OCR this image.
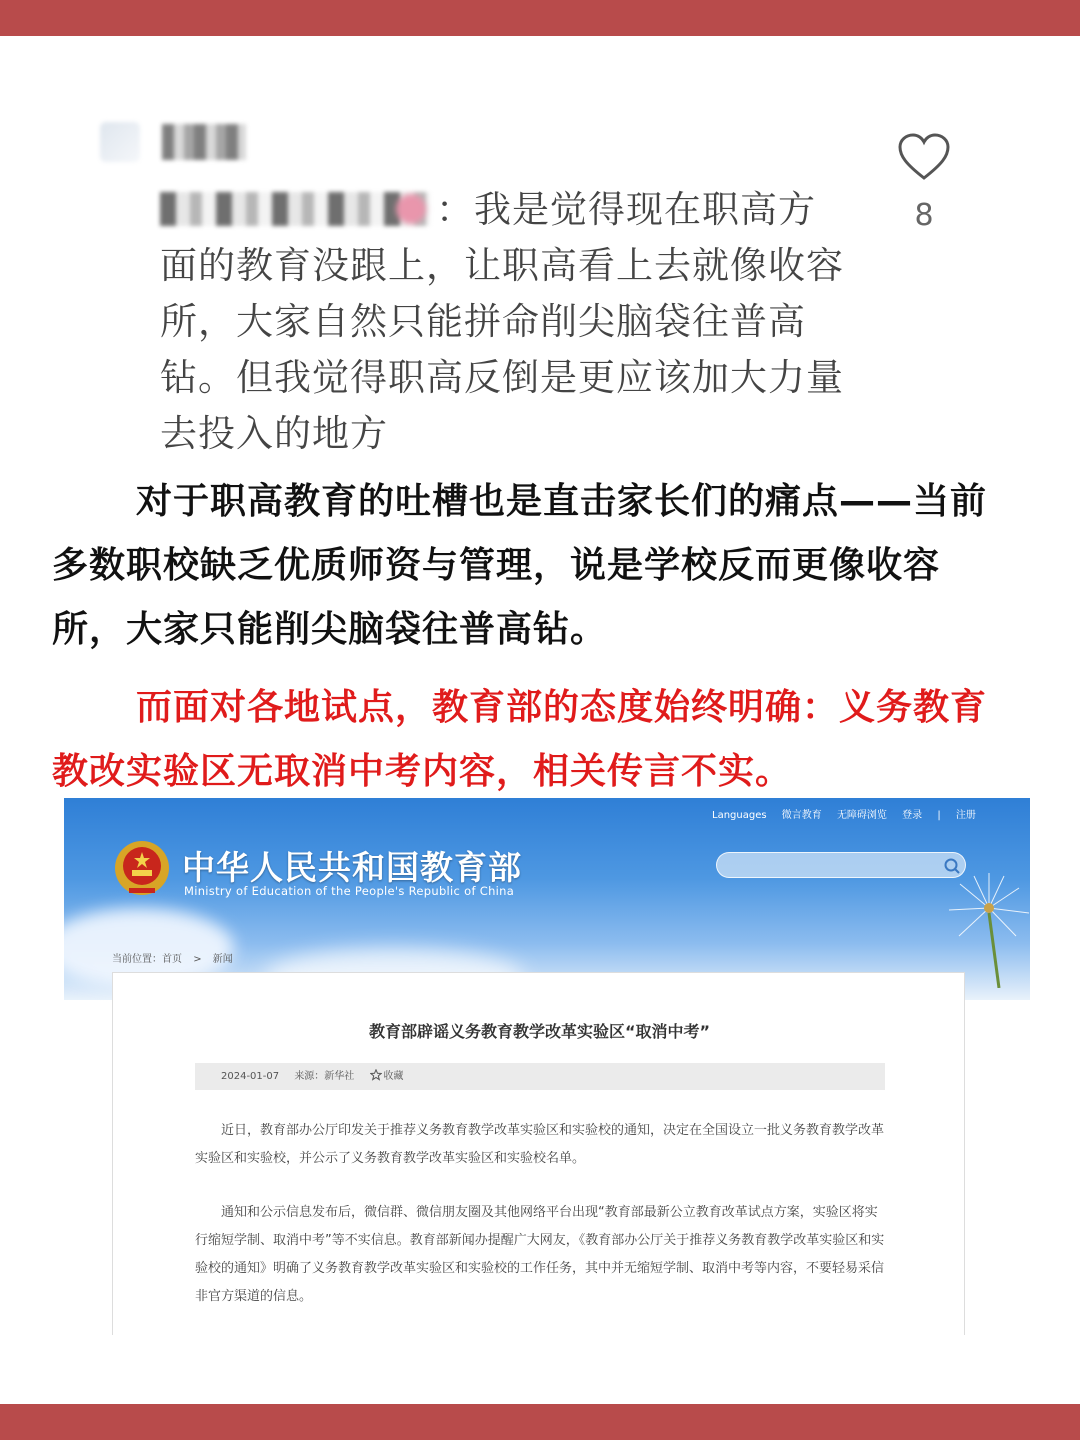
8
：我是觉得现在职高方面的教育没跟上，让职高看上去就像收容所，大家自然只能拼命削尖脑袋往普高钻。但我觉得职高反倒是更应该加大力量去投入的地方
对于职高教育的吐槽也是直击家长们的痛点——当前多数职校缺乏优质师资与管理，说是学校反而更像收容所，大家只能削尖脑袋往普高钻。
而面对各地试点，教育部的态度始终明确：义务教育教改实验区无取消中考内容，相关传言不实。
Languages 微言教育 无障碍浏览 登录 | 注册
中华人民共和国教育部
Ministry of Education of the People's Republic of China
当前位置：首页 > 新闻
教育部辟谣义务教育教学改革实验区“取消中考”
2024-01-07 来源：新华社	收藏
近日，教育部办公厅印发关于推荐义务教育教学改革实验区和实验校的通知，决定在全国设立一批义务教育教学改革实验区和实验校，并公示了义务教育教学改革实验区和实验校名单。
通知和公示信息发布后，微信群、微信朋友圈及其他网络平台出现“教育部最新公立教育改革试点方案，实验区将实行缩短学制、取消中考”等不实信息。教育部新闻办提醒广大网友，《教育部办公厅关于推荐义务教育教学改革实验区和实验校的通知》明确了义务教育教学改革实验区和实验校的工作任务，其中并无缩短学制、取消中考等内容，不要轻易采信非官方渠道的信息。
